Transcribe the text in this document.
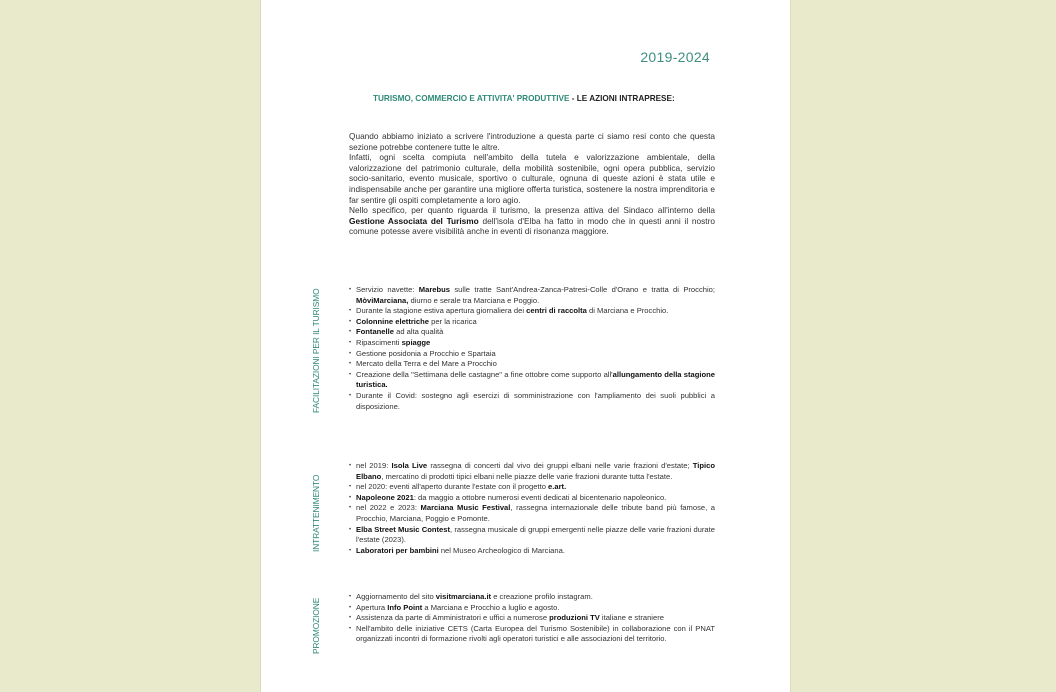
2019-2024
TURISMO, COMMERCIO E ATTIVITA' PRODUTTIVE - LE AZIONI INTRAPRESE:

Quando abbiamo iniziato a scrivere l'introduzione a questa parte ci siamo resi conto che questa sezione potrebbe contenere tutte le altre.

Infatti, ogni scelta compiuta nell'ambito della tutela e valorizzazione ambientale, della valorizzazione del patrimonio culturale, della mobilità sostenibile, ogni opera pubblica, servizio socio-sanitario, evento musicale, sportivo o culturale, ognuna di queste azioni è stata utile e indispensabile anche per garantire una migliore offerta turistica, sostenere la nostra imprenditoria e far sentire gli ospiti completamente a loro agio.

Nello specifico, per quanto riguarda il turismo, la presenza attiva del Sindaco all'interno della Gestione Associata del Turismo dell'isola d'Elba ha fatto in modo che in questi anni il nostro comune potesse avere visibilità anche in eventi di risonanza maggiore.

FACILITAZIONI PER IL TURISMO	• Servizio navette: Marebus sulle tratte Sant'Andrea-Zanca-Patresi-Colle d'Orano e tratta di Procchio; MòviMarciana, diurno e serale tra Marciana e Poggio.
• Durante la stagione estiva apertura giornaliera dei centri di raccolta di Marciana e Procchio.
• Colonnine elettriche per la ricarica
• Fontanelle ad alta qualità
• Ripascimenti spiagge
• Gestione posidonia a Procchio e Spartaia
• Mercato della Terra e del Mare a Procchio
• Creazione della "Settimana delle castagne" a fine ottobre come supporto all'allungamento della stagione turistica.
• Durante il Covid: sostegno agli esercizi di somministrazione con l'ampliamento dei suoli pubblici a disposizione.
INTRATTENIMENTO
• nel 2019: Isola Live rassegna di concerti dal vivo dei gruppi elbani nelle varie frazioni d'estate; Tipico Elbano, mercatino di prodotti tipici elbani nelle piazze delle varie frazioni durante tutta l'estate.
• nel 2020: eventi all'aperto durante l'estate con il progetto e.art.
• Napoleone 2021: da maggio a ottobre numerosi eventi dedicati al bicentenario napoleonico.
• nel 2022 e 2023: Marciana Music Festival, rassegna internazionale delle tribute band più famose, a Procchio, Marciana, Poggio e Pomonte.
• Elba Street Music Contest, rassegna musicale di gruppi emergenti nelle piazze delle varie frazioni durate l'estate (2023).
• Laboratori per bambini nel Museo Archeologico di Marciana.
PROMOZIONE
• Aggiornamento del sito visitmarciana.it e creazione profilo instagram.
• Apertura Info Point a Marciana e Procchio a luglio e agosto.
• Assistenza da parte di Amministratori e uffici a numerose produzioni TV italiane e straniere
• Nell'ambito delle iniziative CETS (Carta Europea del Turismo Sostenibile) in collaborazione con il PNAT organizzati incontri di formazione rivolti agli operatori turistici e alle associazioni del territorio.
